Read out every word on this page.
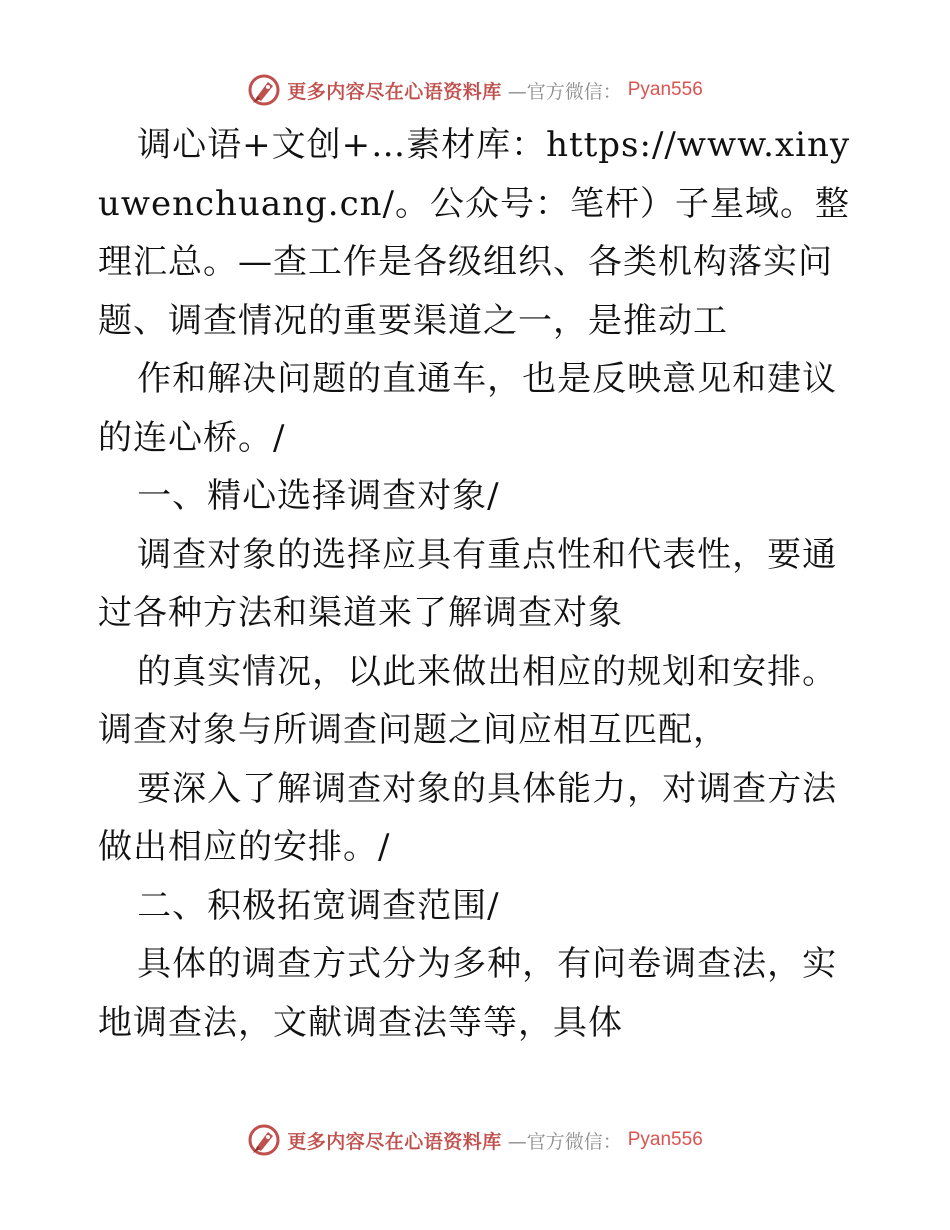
更多内容尽在心语资料库 —官方微信： Pyan556

调心语+文创+…素材库：https://www.xinyuwenchuang.cn/。公众号：笔杆）子星域。整理汇总。—查工作是各级组织、各类机构落实问题、调查情况的重要渠道之一，是推动工

作和解决问题的直通车，也是反映意见和建议的连心桥。/

一、精心选择调查对象/

调查对象的选择应具有重点性和代表性，要通过各种方法和渠道来了解调查对象

的真实情况，以此来做出相应的规划和安排。调查对象与所调查问题之间应相互匹配，

要深入了解调查对象的具体能力，对调查方法做出相应的安排。/

二、积极拓宽调查范围/

具体的调查方式分为多种，有问卷调查法，实地调查法，文献调查法等等，具体

更多内容尽在心语资料库 —官方微信： Pyan556
